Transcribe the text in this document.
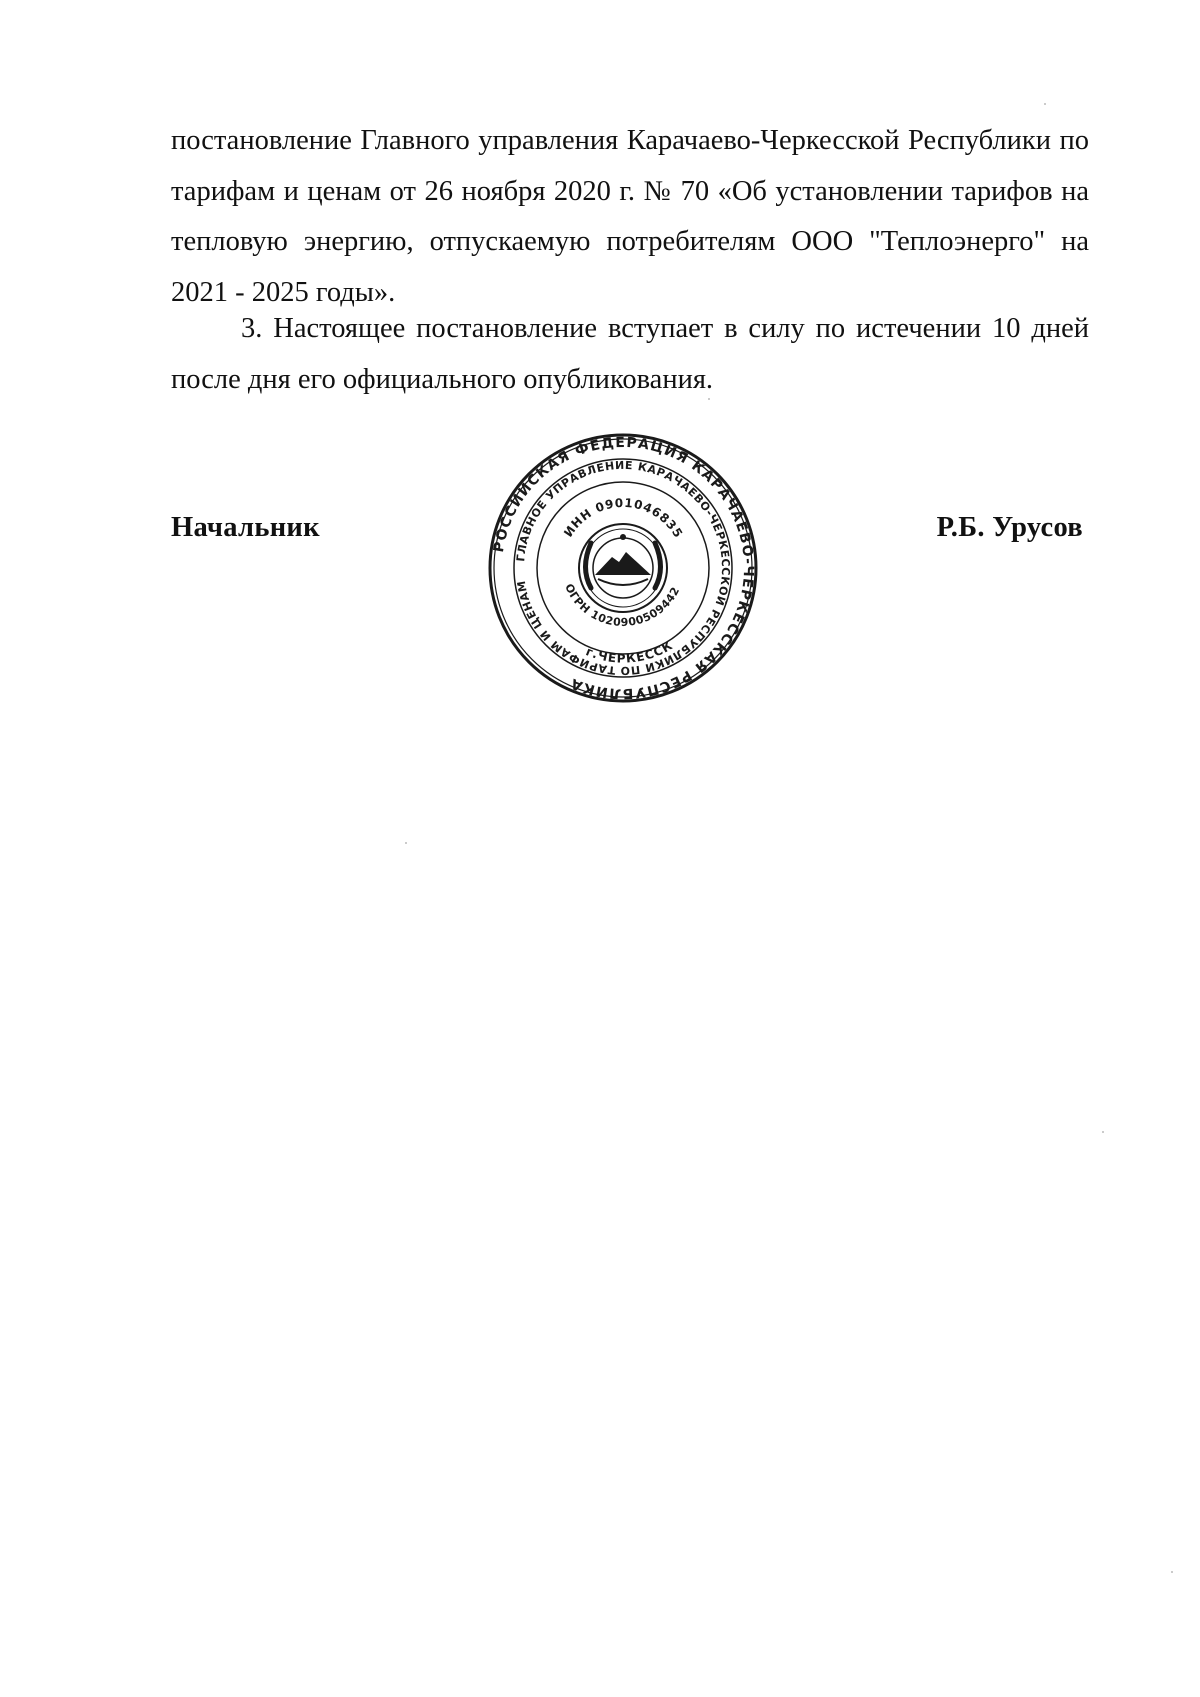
постановление Главного управления Карачаево-Черкесской Республики по тарифам и ценам от 26 ноября 2020 г. № 70 «Об установлении тарифов на тепловую энергию, отпускаемую потребителям ООО "Теплоэнерго" на 2021 - 2025 годы».
3. Настоящее постановление вступает в силу по истечении 10 дней после дня его официального опубликования.
Начальник	Р.Б. Урусов
РОССИЙСКАЯ ФЕДЕРАЦИЯ КАРАЧАЕВО-ЧЕРКЕССКАЯ РЕСПУБЛИКА
ГЛАВНОЕ УПРАВЛЕНИЕ КАРАЧАЕВО-ЧЕРКЕССКОЙ РЕСПУБЛИКИ ПО ТАРИФАМ И ЦЕНАМ
г.ЧЕРКЕССК
ИНН 0901046835
ОГРН 1020900509442
